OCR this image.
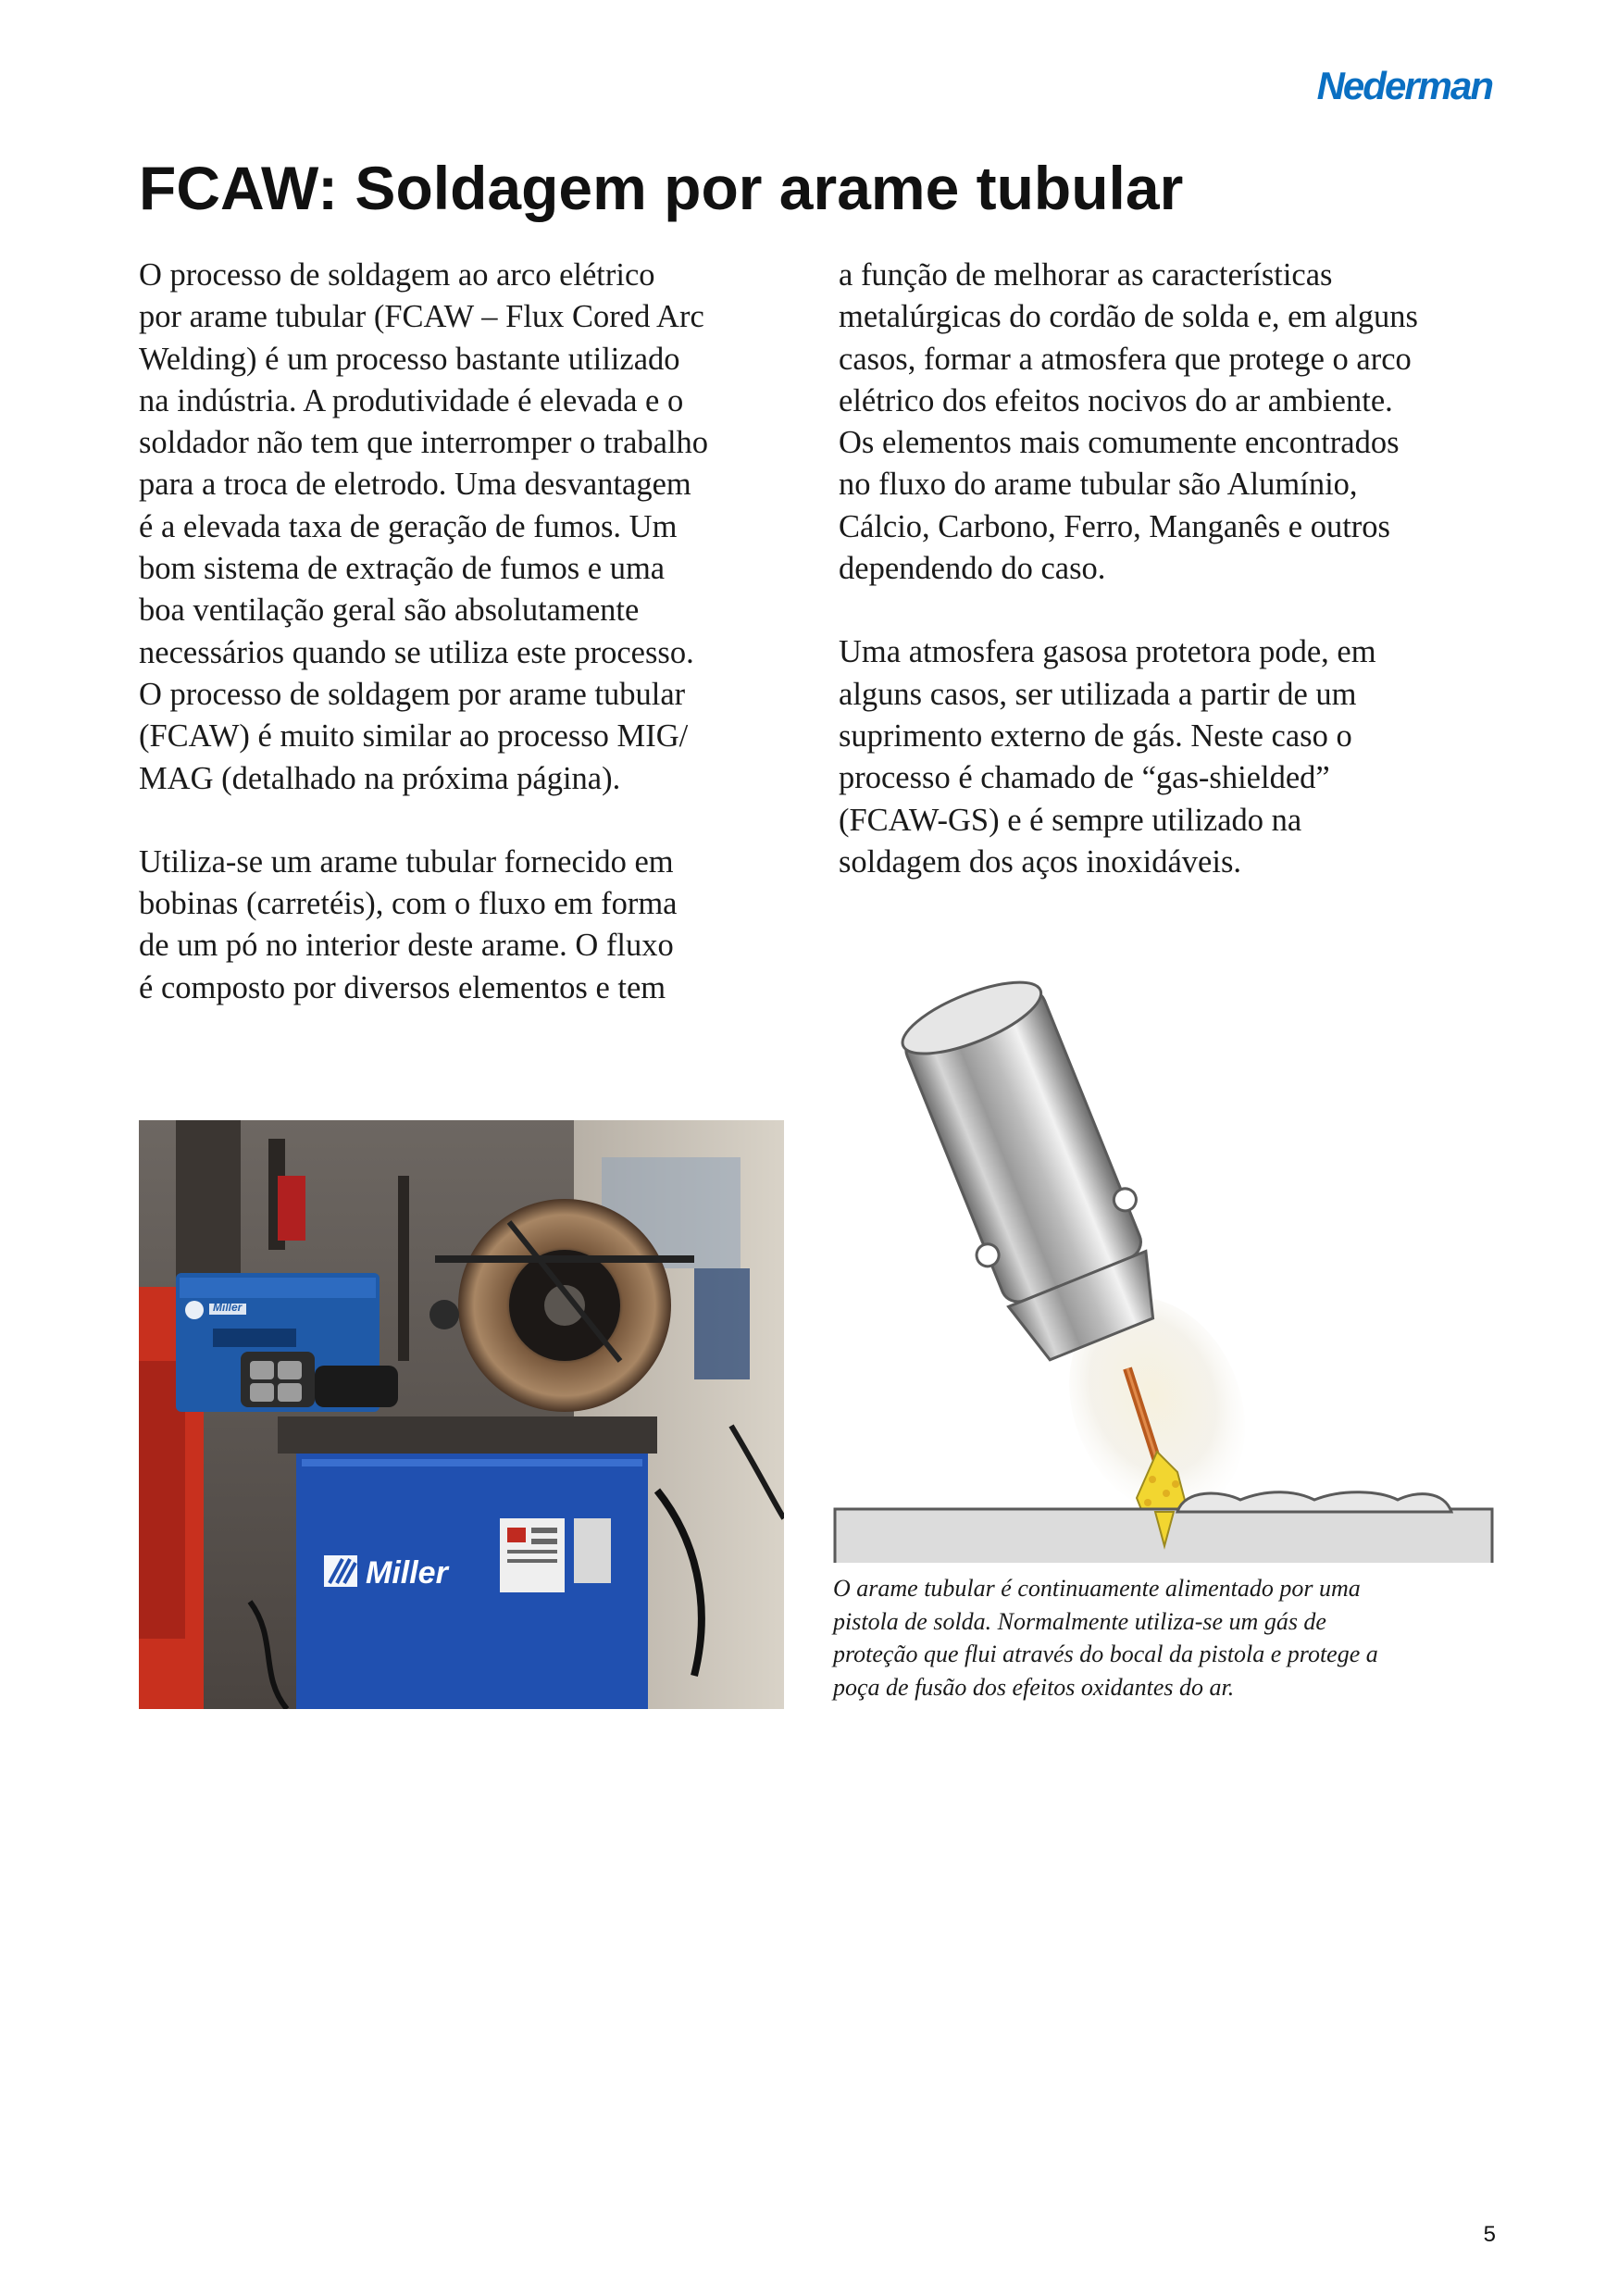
Nederman
FCAW: Soldagem por arame tubular

O processo de soldagem ao arco elétrico
por arame tubular (FCAW – Flux Cored Arc
Welding) é um processo bastante utilizado
na indústria. A produtividade é elevada e o
soldador não tem que interromper o trabalho
para a troca de eletrodo. Uma desvantagem
é a elevada taxa de geração de fumos. Um
bom sistema de extração de fumos e uma
boa ventilação geral são absolutamente
necessários quando se utiliza este processo.
O processo de soldagem por arame tubular
(FCAW) é muito similar ao processo MIG/
MAG (detalhado na próxima página).

Utiliza-se um arame tubular fornecido em
bobinas (carretéis), com o fluxo em forma
de um pó no interior deste arame. O fluxo
é composto por diversos elementos e tem

a função de melhorar as características
metalúrgicas do cordão de solda e, em alguns
casos, formar a atmosfera que protege o arco
elétrico dos efeitos nocivos do ar ambiente.
Os elementos mais comumente encontrados
no fluxo do arame tubular são Alumínio,
Cálcio, Carbono, Ferro, Manganês e outros
dependendo do caso.

Uma atmosfera gasosa protetora pode, em
alguns casos, ser utilizada a partir de um
suprimento externo de gás. Neste caso o
processo é chamado de “gas-shielded”
(FCAW-GS) e é sempre utilizado na
soldagem dos aços inoxidáveis.

Miller
Miller
O arame tubular é continuamente alimentado por uma
pistola de solda. Normalmente utiliza-se um gás de
proteção que flui através do bocal da pistola e protege a
poça de fusão dos efeitos oxidantes do ar.
5
